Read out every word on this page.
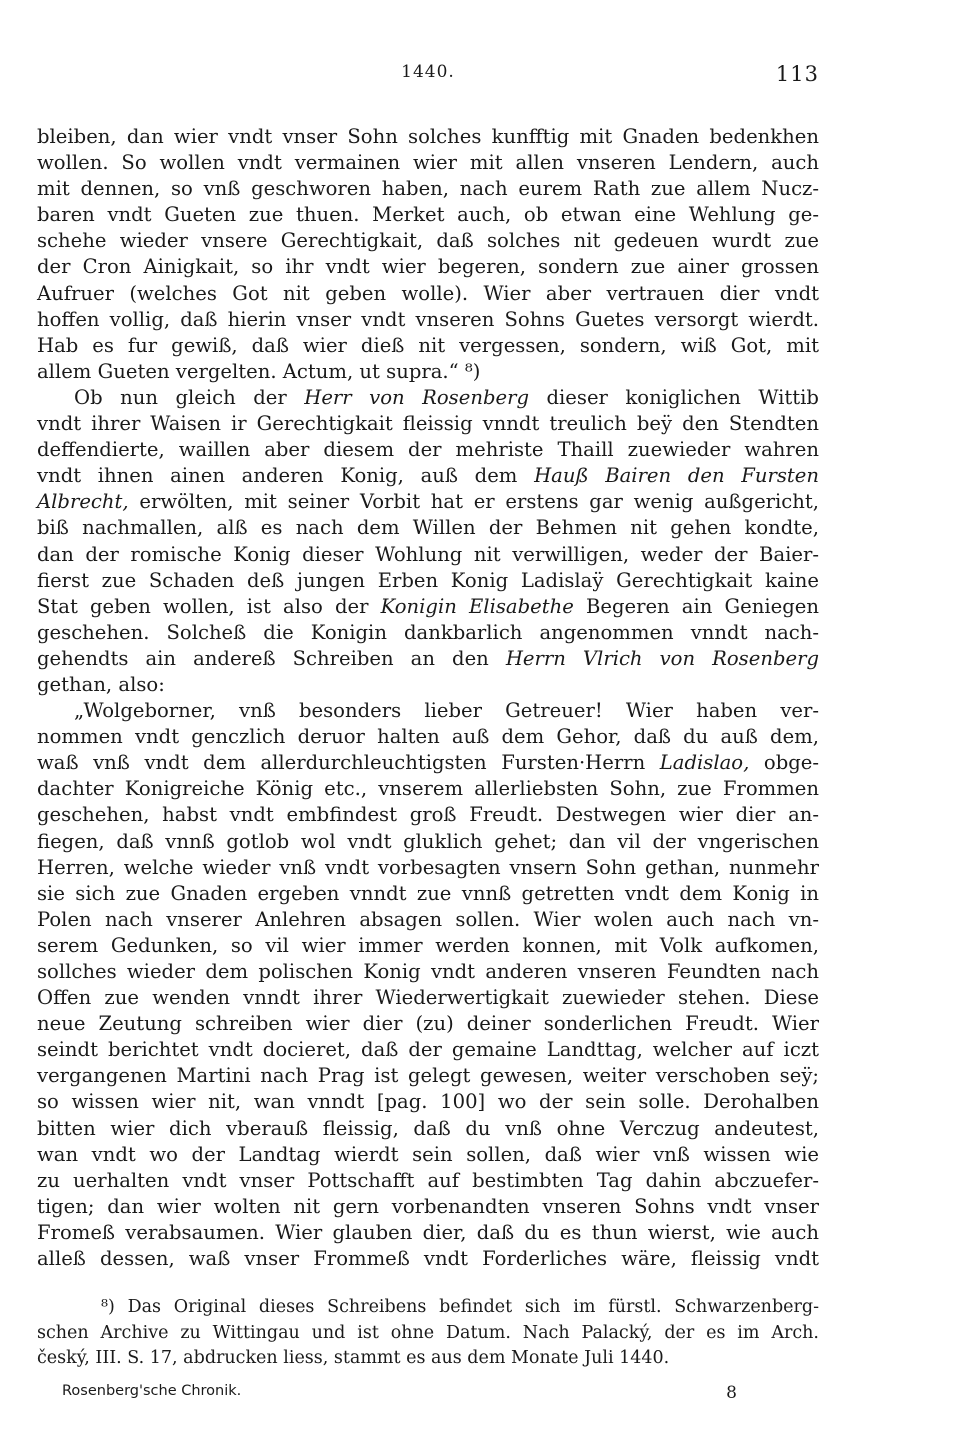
1440.	113
bleiben, dan wier vndt vnser Sohn solches kunfftig mit Gnaden bedenkhen
wollen. So wollen vndt vermainen wier mit allen vnseren Lendern, auch
mit dennen, so vnß geschworen haben, nach eurem Rath zue allem Nucz-
baren vndt Gueten zue thuen. Merket auch, ob etwan eine Wehlung ge-
schehe wieder vnsere Gerechtigkait, daß solches nit gedeuen wurdt zue
der Cron Ainigkait, so ihr vndt wier begeren, sondern zue ainer grossen
Aufruer (welches Got nit geben wolle). Wier aber vertrauen dier vndt
hoffen vollig, daß hierin vnser vndt vnseren Sohns Guetes versorgt wierdt.
Hab es fur gewiß, daß wier dieß nit vergessen, sondern, wiß Got, mit
allem Gueten vergelten. Actum, ut supra.“ ⁸)
Ob nun gleich der Herr von Rosenberg dieser koniglichen Wittib
vndt ihrer Waisen ir Gerechtigkait fleissig vnndt treulich beÿ den Stendten
deffendierte, waillen aber diesem der mehriste Thaill zuewieder wahren
vndt ihnen ainen anderen Konig, auß dem Hauß Bairen den Fursten
Albrecht, erwölten, mit seiner Vorbit hat er erstens gar wenig außgericht,
biß nachmallen, alß es nach dem Willen der Behmen nit gehen kondte,
dan der romische Konig dieser Wohlung nit verwilligen, weder der Baier-
fierst zue Schaden deß jungen Erben Konig Ladislaÿ Gerechtigkait kaine
Stat geben wollen, ist also der Konigin Elisabethe Begeren ain Geniegen
geschehen. Solcheß die Konigin dankbarlich angenommen vnndt nach-
gehendts ain andereß Schreiben an den Herrn Vlrich von Rosenberg
gethan, also:
„Wolgeborner, vnß besonders lieber Getreuer! Wier haben ver-
nommen vndt genczlich deruor halten auß dem Gehor, daß du auß dem,
waß vnß vndt dem allerdurchleuchtigsten Fursten·Herrn Ladislao, obge-
dachter Konigreiche König etc., vnserem allerliebsten Sohn, zue Frommen
geschehen, habst vndt embfindest groß Freudt. Destwegen wier dier an-
fiegen, daß vnnß gotlob wol vndt gluklich gehet; dan vil der vngerischen
Herren, welche wieder vnß vndt vorbesagten vnsern Sohn gethan, nunmehr
sie sich zue Gnaden ergeben vnndt zue vnnß getretten vndt dem Konig in
Polen nach vnserer Anlehren absagen sollen. Wier wolen auch nach vn-
serem Gedunken, so vil wier immer werden konnen, mit Volk aufkomen,
sollches wieder dem polischen Konig vndt anderen vnseren Feundten nach
Offen zue wenden vnndt ihrer Wiederwertigkait zuewieder stehen. Diese
neue Zeutung schreiben wier dier (zu) deiner sonderlichen Freudt. Wier
seindt berichtet vndt docieret, daß der gemaine Landttag, welcher auf iczt
vergangenen Martini nach Prag ist gelegt gewesen, weiter verschoben seÿ;
so wissen wier nit, wan vnndt [pag. 100] wo der sein solle. Derohalben
bitten wier dich vberauß fleissig, daß du vnß ohne Verczug andeutest,
wan vndt wo der Landtag wierdt sein sollen, daß wier vnß wissen wie
zu uerhalten vndt vnser Pottschafft auf bestimbten Tag dahin abczuefer-
tigen; dan wier wolten nit gern vorbenandten vnseren Sohns vndt vnser
Fromeß verabsaumen. Wier glauben dier, daß du es thun wierst, wie auch
alleß dessen, waß vnser Frommeß vndt Forderliches wäre, fleissig vndt
⁸) Das Original dieses Schreibens befindet sich im fürstl. Schwarzenberg-
schen Archive zu Wittingau und ist ohne Datum. Nach Palacký, der es im Arch.
český, III. S. 17, abdrucken liess, stammt es aus dem Monate Juli 1440.
Rosenberg'sche Chronik.	8
